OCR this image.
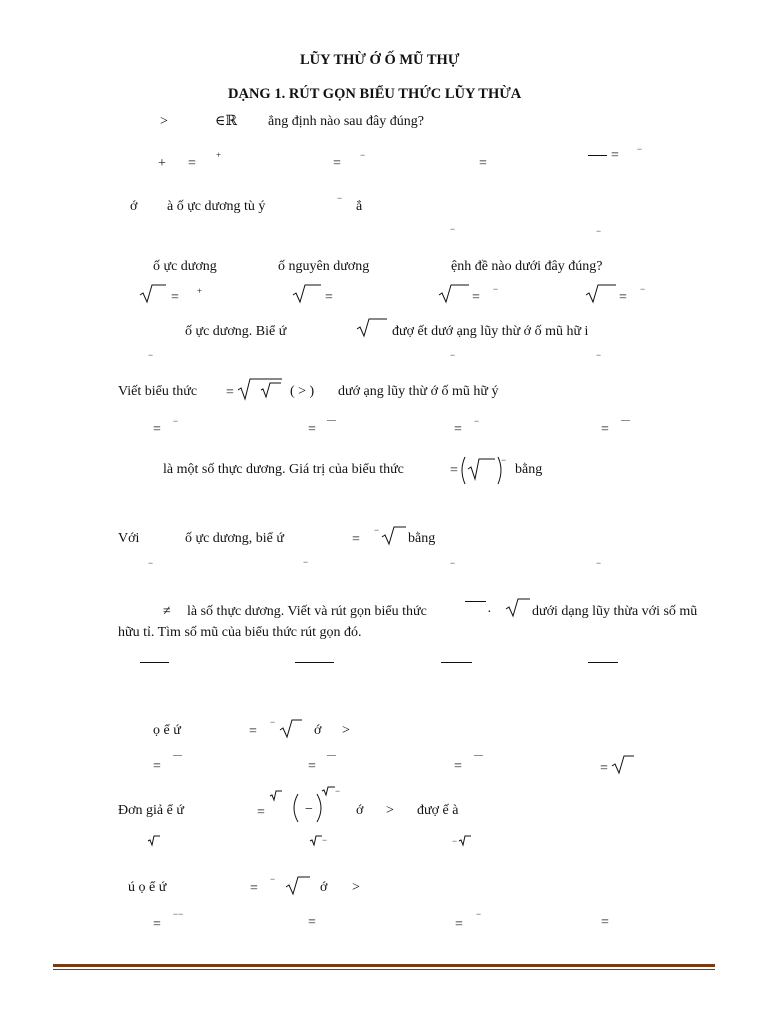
LŨY THỪ Ớ Ố MŨ THỰ
DẠNG 1. RÚT GỌN BIỂU THỨC LŨY THỪA
>	∈ℝ ẳng định nào sau đây đúng?
+ =
+
=
−
=
= −
ớ à ố ực dương tù ý
−
ẳ
−	−
ố ực dương	ố nguyên dương	ệnh đề nào dưới đây đúng?
= +	=	=
−
=
−
ố ực dương. Biể ứ	đượ ết dướ ạng lũy thừ ớ ố mũ hữ i
−	−	−
Viết biểu thức =	( > ) dướ ạng lũy thừ ớ ố mũ hữ ý
=
−
=
—
=
−
=
—
là một số thực dương. Giá trị của biểu thức	=
−
bằng
Với	ố ực dương, biể ứ	=
−
bằng
−	−	−	−
≠ là số thực dương. Viết và rút gọn biểu thức	·	dưới dạng lũy thừa với số mũ
hữu tỉ. Tìm số mũ của biểu thức rút gọn đó.
ọ ể ứ	=
−
ớ >
=
—
=
—
=
—
=
Đơn giả ể ứ	=	−
−
ớ > đượ ế à
−	−
ú ọ ể ứ	=
−
ớ >
=
−−
=	=
−
=
